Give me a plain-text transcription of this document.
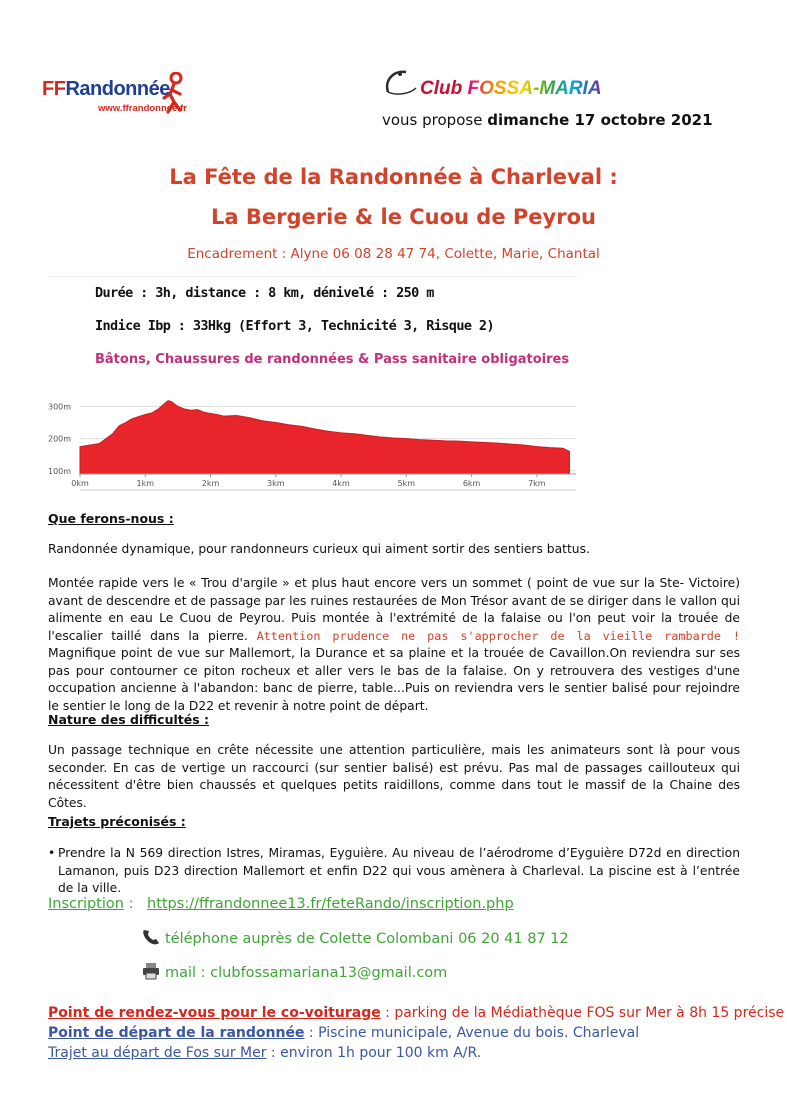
FFRandonnée
www.ffrandonnee.fr
Club FOSSA-MARIA
vous propose dimanche 17 octobre 2021
La Fête de la Randonnée à Charleval :
La Bergerie & le Cuou de Peyrou
Encadrement : Alyne 06 08 28 47 74, Colette, Marie, Chantal
Durée : 3h, distance : 8 km, dénivelé : 250 m
Indice Ibp : 33Hkg (Effort 3, Technicité 3, Risque 2)
Bâtons, Chaussures de randonnées & Pass sanitaire obligatoires
300m
200m
100m
0km	1km	2km	3km	4km	5km	6km	7km
Que ferons-nous :
Randonnée dynamique, pour randonneurs curieux qui aiment sortir des sentiers battus.
Montée rapide vers le « Trou d'argile » et plus haut encore vers un sommet ( point de vue sur la Ste- Victoire) avant de descendre et de passage par les ruines restaurées de Mon Trésor avant de se diriger dans le vallon qui alimente en eau Le Cuou de Peyrou. Puis montée à l'extrémité de la falaise ou l'on peut voir la trouée de l'escalier taillé dans la pierre. Attention prudence ne pas s'approcher de la vieille rambarde ! Magnifique point de vue sur Mallemort, la Durance et sa plaine et la trouée de Cavaillon.On reviendra sur ses pas pour contourner ce piton rocheux et aller vers le bas de la falaise. On y retrouvera des vestiges d'une occupation ancienne à l'abandon: banc de pierre, table...Puis on reviendra vers le sentier balisé pour rejoindre le sentier le long de la D22 et revenir à notre point de départ.
Nature des difficultés :
Un passage technique en crête nécessite une attention particulière, mais les animateurs sont là pour vous seconder. En cas de vertige un raccourci (sur sentier balisé) est prévu. Pas mal de passages caillouteux qui nécessitent d'être bien chaussés et quelques petits raidillons, comme dans tout le massif de la Chaine des Côtes.
Trajets préconisés :
• Prendre la N 569 direction Istres, Miramas, Eyguière. Au niveau de l’aérodrome d’Eyguière D72d en direction Lamanon, puis D23 direction Mallemort et enfin D22 qui vous amènera à Charleval. La piscine est à l’entrée de la ville.
Inscription : https://ffrandonnee13.fr/feteRando/inscription.php
téléphone auprès de Colette Colombani 06 20 41 87 12
mail : clubfossamariana13@gmail.com
Point de rendez-vous pour le co-voiturage : parking de la Médiathèque FOS sur Mer à 8h 15 précise
Point de départ de la randonnée : Piscine municipale, Avenue du bois. Charleval
Trajet au départ de Fos sur Mer : environ 1h pour 100 km A/R.
